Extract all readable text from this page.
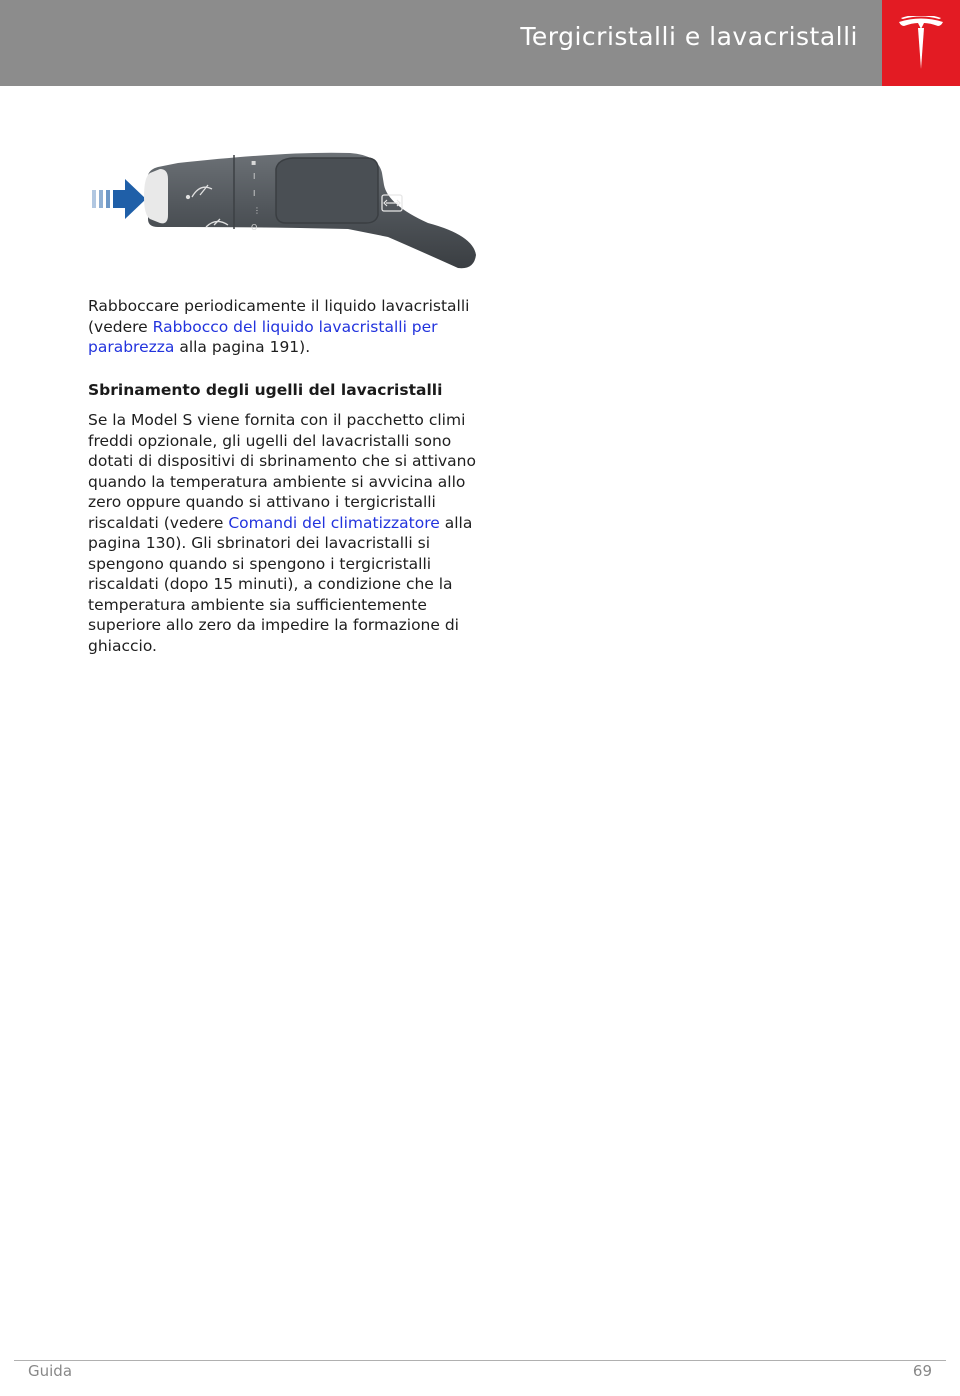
Tergicristalli e lavacristalli
▪
I
I
⋮
O

Rabboccare periodicamente il liquido lavacristalli (vedere Rabbocco del liquido lavacristalli per parabrezza alla pagina 191).

Sbrinamento degli ugelli del lavacristalli

Se la Model S viene fornita con il pacchetto climi freddi opzionale, gli ugelli del lavacristalli sono dotati di dispositivi di sbrinamento che si attivano quando la temperatura ambiente si avvicina allo zero oppure quando si attivano i tergicristalli riscaldati (vedere Comandi del climatizzatore alla pagina 130). Gli sbrinatori dei lavacristalli si spengono quando si spengono i tergicristalli riscaldati (dopo 15 minuti), a condizione che la temperatura ambiente sia sufficientemente superiore allo zero da impedire la formazione di ghiaccio.

Guida	69
